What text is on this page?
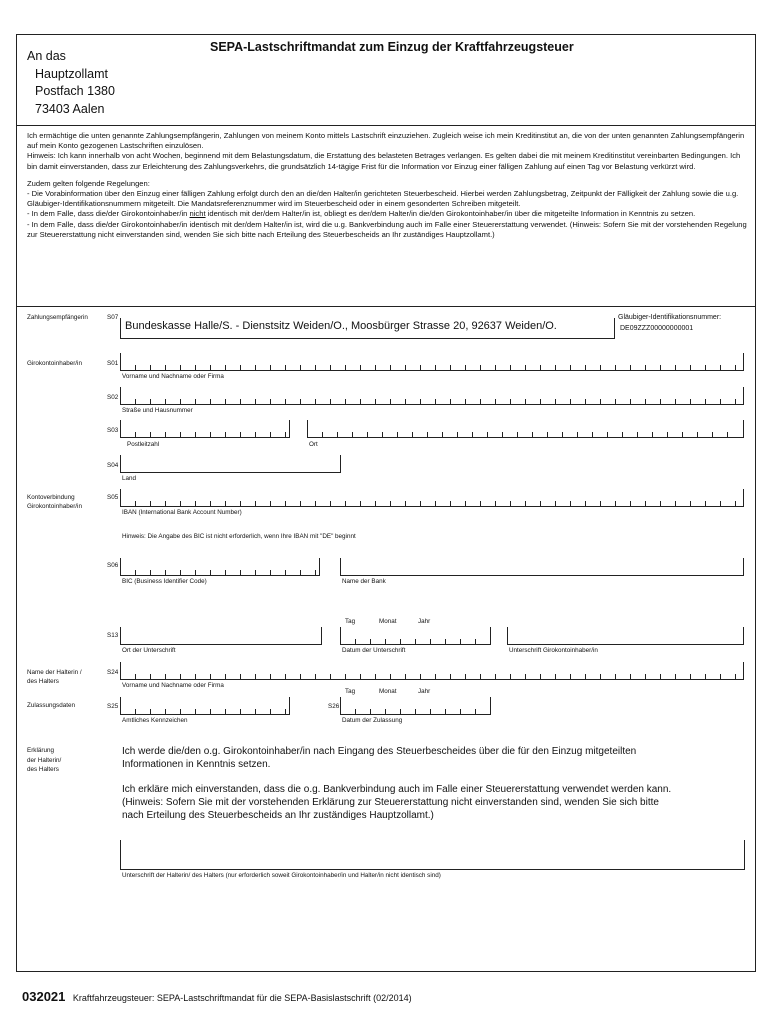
SEPA-Lastschriftmandat zum Einzug der Kraftfahrzeugsteuer
An das
Hauptzollamt
Postfach 1380
73403 Aalen
Ich ermächtige die unten genannte Zahlungsempfängerin, Zahlungen von meinem Konto mittels Lastschrift einzuziehen. Zugleich weise ich mein Kreditinstitut an, die von der unten genannten Zahlungsempfängerin auf mein Konto gezogenen Lastschriften einzulösen.
Hinweis: Ich kann innerhalb von acht Wochen, beginnend mit dem Belastungsdatum, die Erstattung des belasteten Betrages verlangen. Es gelten dabei die mit meinem Kreditinstitut vereinbarten Bedingungen. Ich bin damit einverstanden, dass zur Erleichterung des Zahlungsverkehrs, die grundsätzlich 14-tägige Frist für die Information vor Einzug einer fälligen Zahlung auf einen Tag vor Belastung verkürzt wird.
Zudem gelten folgende Regelungen:
- Die Vorabinformation über den Einzug einer fälligen Zahlung erfolgt durch den an die/den Halter/in gerichteten Steuerbescheid. Hierbei werden Zahlungsbetrag, Zeitpunkt der Fälligkeit der Zahlung sowie die u.g. Gläubiger-Identifikationsnummern mitgeteilt. Die Mandatsreferenznummer wird im Steuerbescheid oder in einem gesonderten Schreiben mitgeteilt.
- In dem Falle, dass die/der Girokontoinhaber/in nicht identisch mit der/dem Halter/in ist, obliegt es der/dem Halter/in die/den Girokontoinhaber/in über die mitgeteilte Information in Kenntnis zu setzen.
- In dem Falle, dass die/der Girokontoinhaber/in identisch mit der/dem Halter/in ist, wird die u.g. Bankverbindung auch im Falle einer Steuererstattung verwendet. (Hinweis: Sofern Sie mit der vorstehenden Regelung zur Steuererstattung nicht einverstanden sind, wenden Sie sich bitte nach Erteilung des Steuerbescheids an Ihr zuständiges Hauptzollamt.)
Zahlungsempfängerin	S07
Bundeskasse Halle/S. - Dienstsitz Weiden/O., Moosbürger Strasse 20, 92637 Weiden/O.
Gläubiger-Identifikationsnummer:
DE09ZZZ00000000001
Girokontoinhaber/in	S01
Vorname und Nachname oder Firma
S02
Straße und Hausnummer
S03
Postleitzahl	Ort
S04
Land
Kontoverbindung
Girokontoinhaber/in
S05
IBAN (International Bank Account Number)
Hinweis: Die Angabe des BIC ist nicht erforderlich, wenn Ihre IBAN mit "DE" beginnt
S06
BIC (Business Identifier Code)	Name der Bank
Tag	Monat	Jahr
S13
Ort der Unterschrift	Datum der Unterschrift	Unterschrift Girokontoinhaber/in
Name der Halterin /
des Halters
S24
Vorname und Nachname oder Firma
Tag	Monat	Jahr
Zulassungsdaten	S25	S26
Amtliches Kennzeichen	Datum der Zulassung
Erklärung
der Halterin/
des Halters
Ich werde die/den o.g. Girokontoinhaber/in nach Eingang des Steuerbescheides über die für den Einzug mitgeteilten Informationen in Kenntnis setzen.
Ich erkläre mich einverstanden, dass die o.g. Bankverbindung auch im Falle einer Steuererstattung verwendet werden kann. (Hinweis: Sofern Sie mit der vorstehenden Erklärung zur Steuererstattung nicht einverstanden sind, wenden Sie sich bitte nach Erteilung des Steuerbescheids an Ihr zuständiges Hauptzollamt.)
Unterschrift der Halterin/ des Halters (nur erforderlich soweit Girokontoinhaber/in und Halter/in nicht identisch sind)
032021 Kraftfahrzeugsteuer: SEPA-Lastschriftmandat für die SEPA-Basislastschrift (02/2014)
